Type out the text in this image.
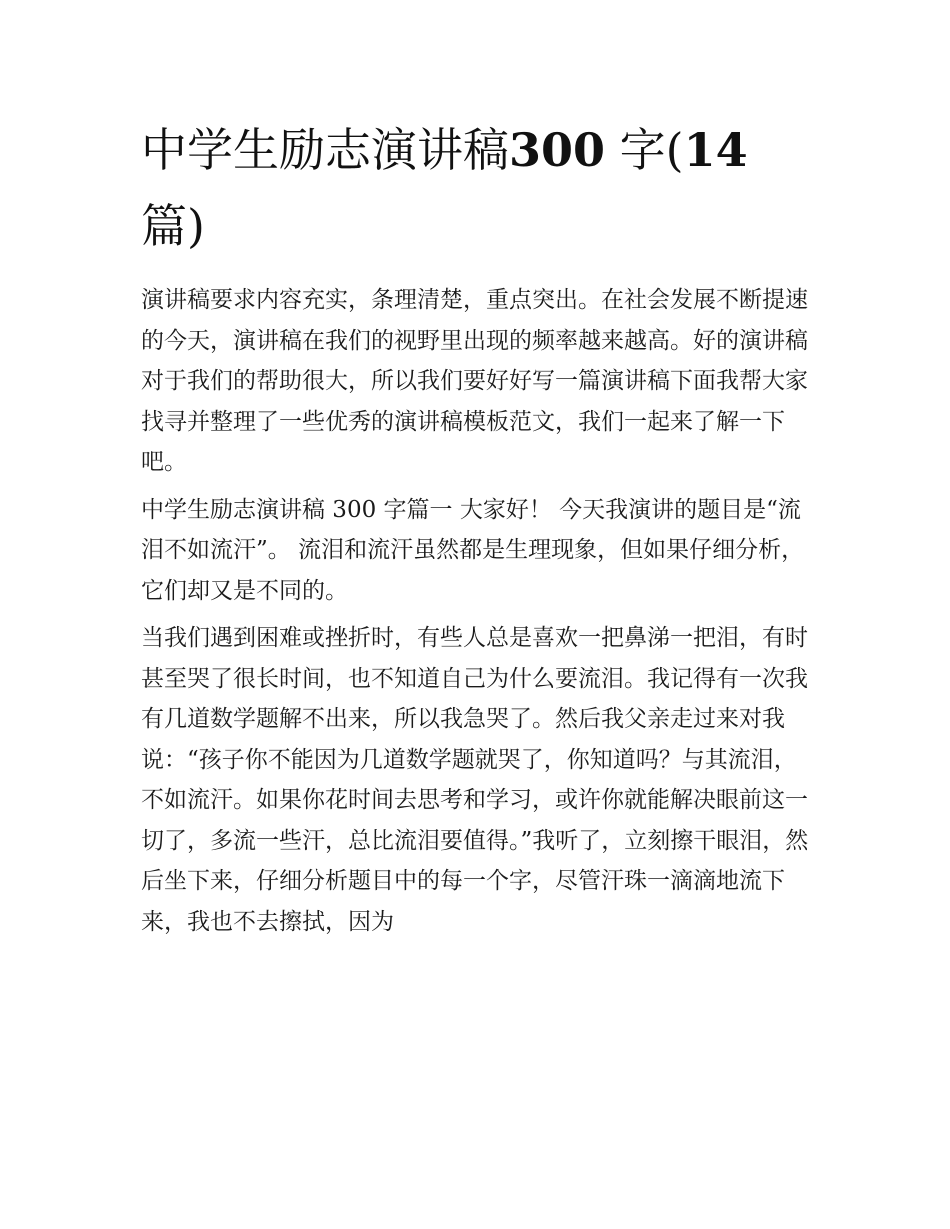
中学生励志演讲稿300 字(14
篇)

演讲稿要求内容充实，条理清楚，重点突出。在社会发展不断提速的今天，演讲稿在我们的视野里出现的频率越来越高。好的演讲稿对于我们的帮助很大，所以我们要好好写一篇演讲稿下面我帮大家找寻并整理了一些优秀的演讲稿模板范文，我们一起来了解一下吧。

中学生励志演讲稿 300 字篇一 大家好！ 今天我演讲的题目是“流泪不如流汗”。 流泪和流汗虽然都是生理现象，但如果仔细分析，它们却又是不同的。

当我们遇到困难或挫折时，有些人总是喜欢一把鼻涕一把泪，有时甚至哭了很长时间，也不知道自己为什么要流泪。我记得有一次我有几道数学题解不出来，所以我急哭了。然后我父亲走过来对我说：“孩子你不能因为几道数学题就哭了，你知道吗？与其流泪，不如流汗。如果你花时间去思考和学习，或许你就能解决眼前这一切了，多流一些汗，总比流泪要值得。”我听了，立刻擦干眼泪，然后坐下来，仔细分析题目中的每一个字，尽管汗珠一滴滴地流下来，我也不去擦拭，因为
